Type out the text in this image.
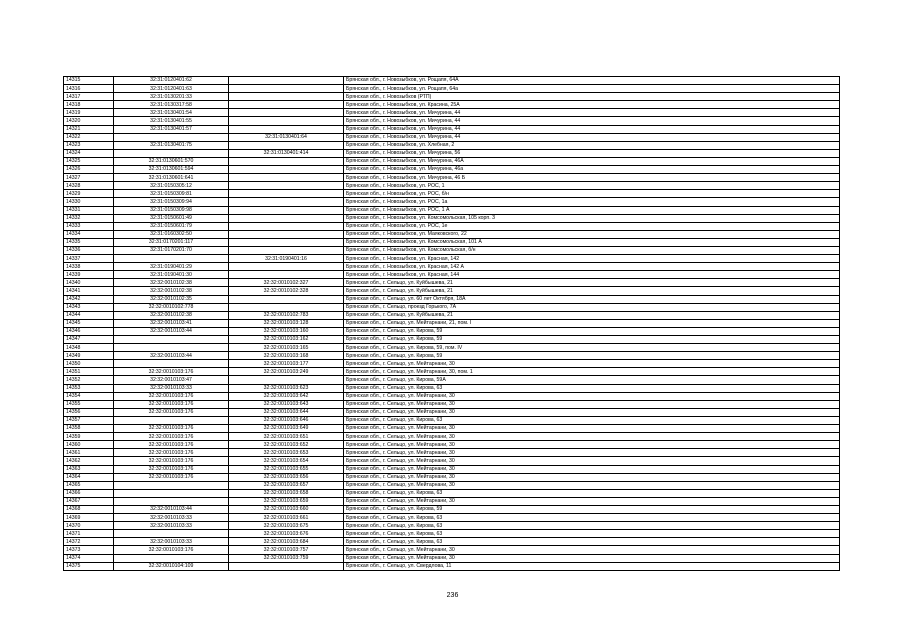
14315	32:31:0120401:62		Брянская обл., г. Новозыбков, ул. Рощапя, 64А
14316	32:31:0120401:63		Брянская обл., г. Новозыбков, ул. Рощапя, 64а
14317	32:31:0130201:33		Брянская обл., г. Новозыбков (РТП)
14318	32:31:0130317:58		Брянская обл., г. Новозыбков, ул. Красина, 25А
14319	32:31:0130401:54		Брянская обл., г. Новозыбков, ул. Мичурина, 44
14320	32:31:0130401:55		Брянская обл., г. Новозыбков, ул. Мичурина, 44
14321	32:31:0130401:57		Брянская обл., г. Новозыбков, ул. Мичурина, 44
14322		32:31:0130401:64	Брянская обл., г. Новозыбков, ул. Мичурина, 44
14323	32:31:0130401:75		Брянская обл., г. Новозыбков, ул. Хлебная, 2
14324		32:31:0130401:414	Брянская обл., г. Новозыбков, ул. Мичурина, 56
14325	32:31:0130601:570		Брянская обл., г. Новозыбков, ул. Мичурина, 46А
14326	32:31:0130601:594		Брянская обл., г. Новозыбков, ул. Мичурина, 46а
14327	32:31:0130601:641		Брянская обл., г. Новозыбков, ул. Мичурина, 46 Б
14328	32:31:0150305:12		Брянская обл., г. Новозыбков, ул. РОС, 1
14329	32:31:0150309:81		Брянская обл., г. Новозыбков, ул. РОС, б/н
14330	32:31:0150309:94		Брянская обл., г. Новозыбков, ул. РОС, 1а
14331	32:31:0150309:98		Брянская обл., г. Новозыбков, ул. РОС, 1 А
14332	32:31:0150601:49		Брянская обл., г. Новозыбков, ул. Комсомольская, 105 корп. 3
14333	32:31:0150601:79		Брянская обл., г. Новозыбков, ул. РОС, 1е
14334	32:31:0160302:50		Брянская обл., г. Новозыбков, ул. Маяковского, 22
14335	32:31:0170201:117		Брянская обл., г. Новозыбков, ул. Комсомольская, 101 А
14336	32:31:0170201:70		Брянская обл., г. Новозыбков, ул. Комсомольская, б/н
14337		32:31:0190401:16	Брянская обл., г. Новозыбков, ул. Красная, 142
14338	32:31:0190401:29		Брянская обл., г. Новозыбков, ул. Красная, 142 А
14339	32:31:0190401:30		Брянская обл., г. Новозыбков, ул. Красная, 144
14340	32:32:0010102:38	32:32:0010102:327	Брянская обл., г. Сельцо, ул. Куйбышева, 21
14341	32:32:0010102:38	32:32:0010102:328	Брянская обл., г. Сельцо, ул. Куйбышева, 21
14342	32:32:0010102:35		Брянская обл., г. Сельцо, ул. 60 лет Октября, 18А
14343	32:32:0010102:778		Брянская обл., г. Сельцо, проезд Горького, 7А
14344	32:32:0010102:38	32:32:0010102:783	Брянская обл., г. Сельцо, ул. Куйбышева, 21
14345	32:32:0010103:41	32:32:0010103:128	Брянская обл., г. Сельцо, ул. Мейтарнани, 21, пом. I
14346	32:32:0010103:44	32:32:0010103:160	Брянская обл., г. Сельцо, ул. Кирова, 59
14347		32:32:0010103:162	Брянская обл., г. Сельцо, ул. Кирова, 59
14348		32:32:0010103:165	Брянская обл., г. Сельцо, ул. Кирова, 59, пом. IV
14349	32:32:0010103:44	32:32:0010103:168	Брянская обл., г. Сельцо, ул. Кирова, 59
14350		32:32:0010103:177	Брянская обл., г. Сельцо, ул. Мейтарнани, 30
14351	32:32:0010103:176	32:32:0010103:249	Брянская обл., г. Сельцо, ул. Мейтарнани, 30, пом. 1
14352	32:32:0010103:47		Брянская обл., г. Сельцо, ул. Кирова, 59А
14353	32:32:0010103:33	32:32:0010103:623	Брянская обл., г. Сельцо, ул. Кирова, 63
14354	32:32:0010103:176	32:32:0010103:642	Брянская обл., г. Сельцо, ул. Мейтарнани, 30
14355	32:32:0010103:176	32:32:0010103:643	Брянская обл., г. Сельцо, ул. Мейтарнани, 30
14356	32:32:0010103:176	32:32:0010103:644	Брянская обл., г. Сельцо, ул. Мейтарнани, 30
14357		32:32:0010103:646	Брянская обл., г. Сельцо, ул. Кирова, 63
14358	32:32:0010103:176	32:32:0010103:649	Брянская обл., г. Сельцо, ул. Мейтарнани, 30
14359	32:32:0010103:176	32:32:0010103:651	Брянская обл., г. Сельцо, ул. Мейтарнани, 30
14360	32:32:0010103:176	32:32:0010103:652	Брянская обл., г. Сельцо, ул. Мейтарнани, 30
14361	32:32:0010103:176	32:32:0010103:653	Брянская обл., г. Сельцо, ул. Мейтарнани, 30
14362	32:32:0010103:176	32:32:0010103:654	Брянская обл., г. Сельцо, ул. Мейтарнани, 30
14363	32:32:0010103:176	32:32:0010103:655	Брянская обл., г. Сельцо, ул. Мейтарнани, 30
14364	32:32:0010103:176	32:32:0010103:656	Брянская обл., г. Сельцо, ул. Мейтарнани, 30
14365		32:32:0010103:657	Брянская обл., г. Сельцо, ул. Мейтарнани, 30
14366		32:32:0010103:658	Брянская обл., г. Сельцо, ул. Кирова, 63
14367		32:32:0010103:659	Брянская обл., г. Сельцо, ул. Мейтарнани, 30
14368	32:32:0010103:44	32:32:0010103:660	Брянская обл., г. Сельцо, ул. Кирова, 59
14369	32:32:0010103:33	32:32:0010103:661	Брянская обл., г. Сельцо, ул. Кирова, 63
14370	32:32:0010103:33	32:32:0010103:675	Брянская обл., г. Сельцо, ул. Кирова, 63
14371		32:32:0010103:676	Брянская обл., г. Сельцо, ул. Кирова, 63
14372	32:32:0010103:33	32:32:0010103:684	Брянская обл., г. Сельцо, ул. Кирова, 63
14373	32:32:0010103:176	32:32:0010103:757	Брянская обл., г. Сельцо, ул. Мейтарнани, 30
14374		32:32:0010103:759	Брянская обл., г. Сельцо, ул. Мейтарнани, 30
14375	32:32:0010104:109		Брянская обл., г. Сельцо, ул. Свердлова, 11
236
